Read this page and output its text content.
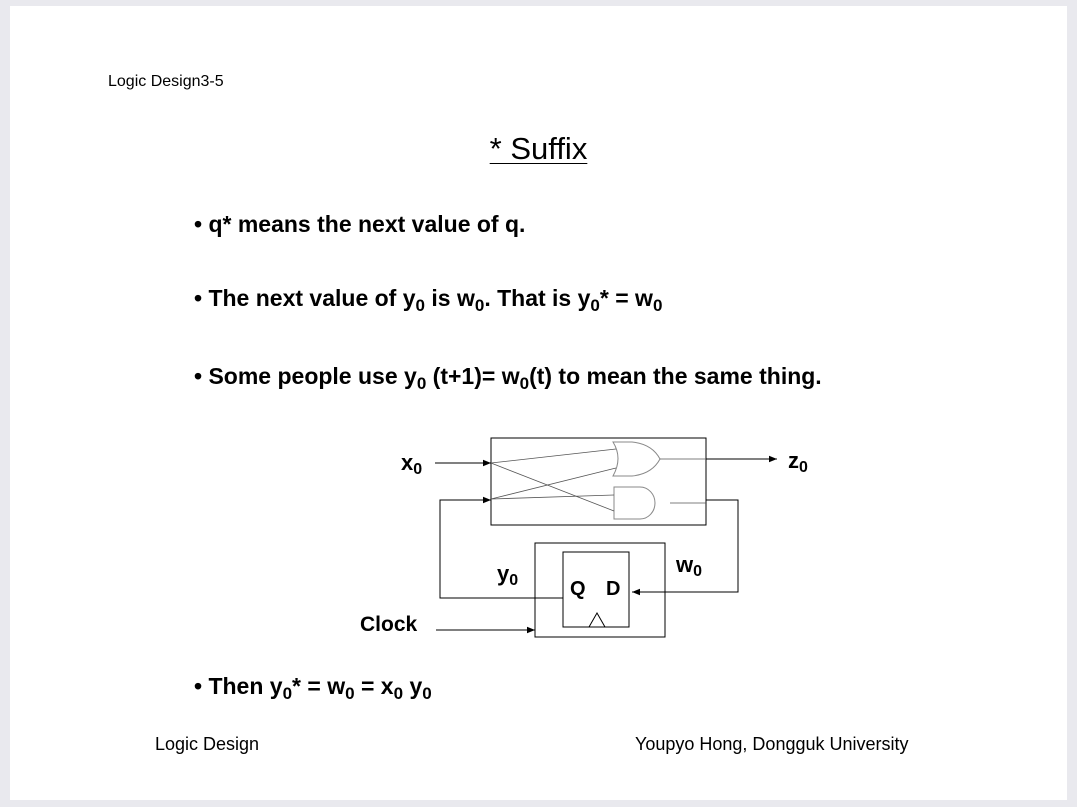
Logic Design3-5
* Suffix
• q* means the next value of q.
• The next value of $y_0$ is $w_0$. That is $y_0* = w_0$
• Some people use $y_0$ $(t+1)= w_0(t)$ to mean the same thing.
x0	z0
y0
w0
Clock
Q D
• Then $y_0* = w_0 = x_0$ $y_0$
Logic Design	Youpyo Hong, Dongguk University
